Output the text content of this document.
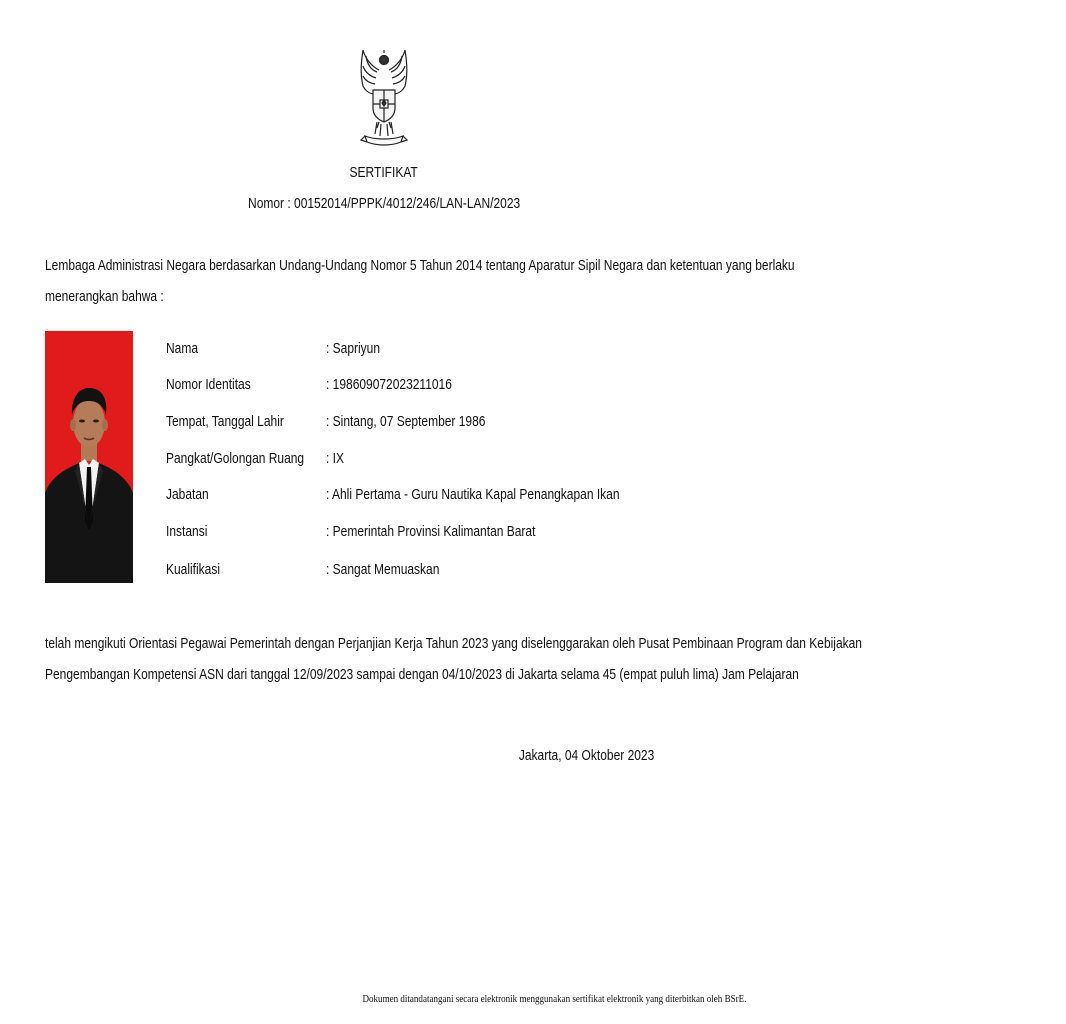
SERTIFIKAT
Nomor : 00152014/PPPK/4012/246/LAN-LAN/2023
Lembaga Administrasi Negara berdasarkan Undang-Undang Nomor 5 Tahun 2014 tentang Aparatur Sipil Negara dan ketentuan yang berlaku
menerangkan bahwa :
Nama	: Sapriyun
Nomor Identitas	: 198609072023211016
Tempat, Tanggal Lahir	: Sintang, 07 September 1986
Pangkat/Golongan Ruang	: IX
Jabatan	: Ahli Pertama - Guru Nautika Kapal Penangkapan Ikan
Instansi	: Pemerintah Provinsi Kalimantan Barat
Kualifikasi	: Sangat Memuaskan
telah mengikuti Orientasi Pegawai Pemerintah dengan Perjanjian Kerja Tahun 2023 yang diselenggarakan oleh Pusat Pembinaan Program dan Kebijakan
Pengembangan Kompetensi ASN dari tanggal 12/09/2023 sampai dengan 04/10/2023 di Jakarta selama 45 (empat puluh lima) Jam Pelajaran
Jakarta, 04 Oktober 2023
Dokumen ditandatangani secara elektronik menggunakan sertifikat elektronik yang diterbitkan oleh BSrE.
